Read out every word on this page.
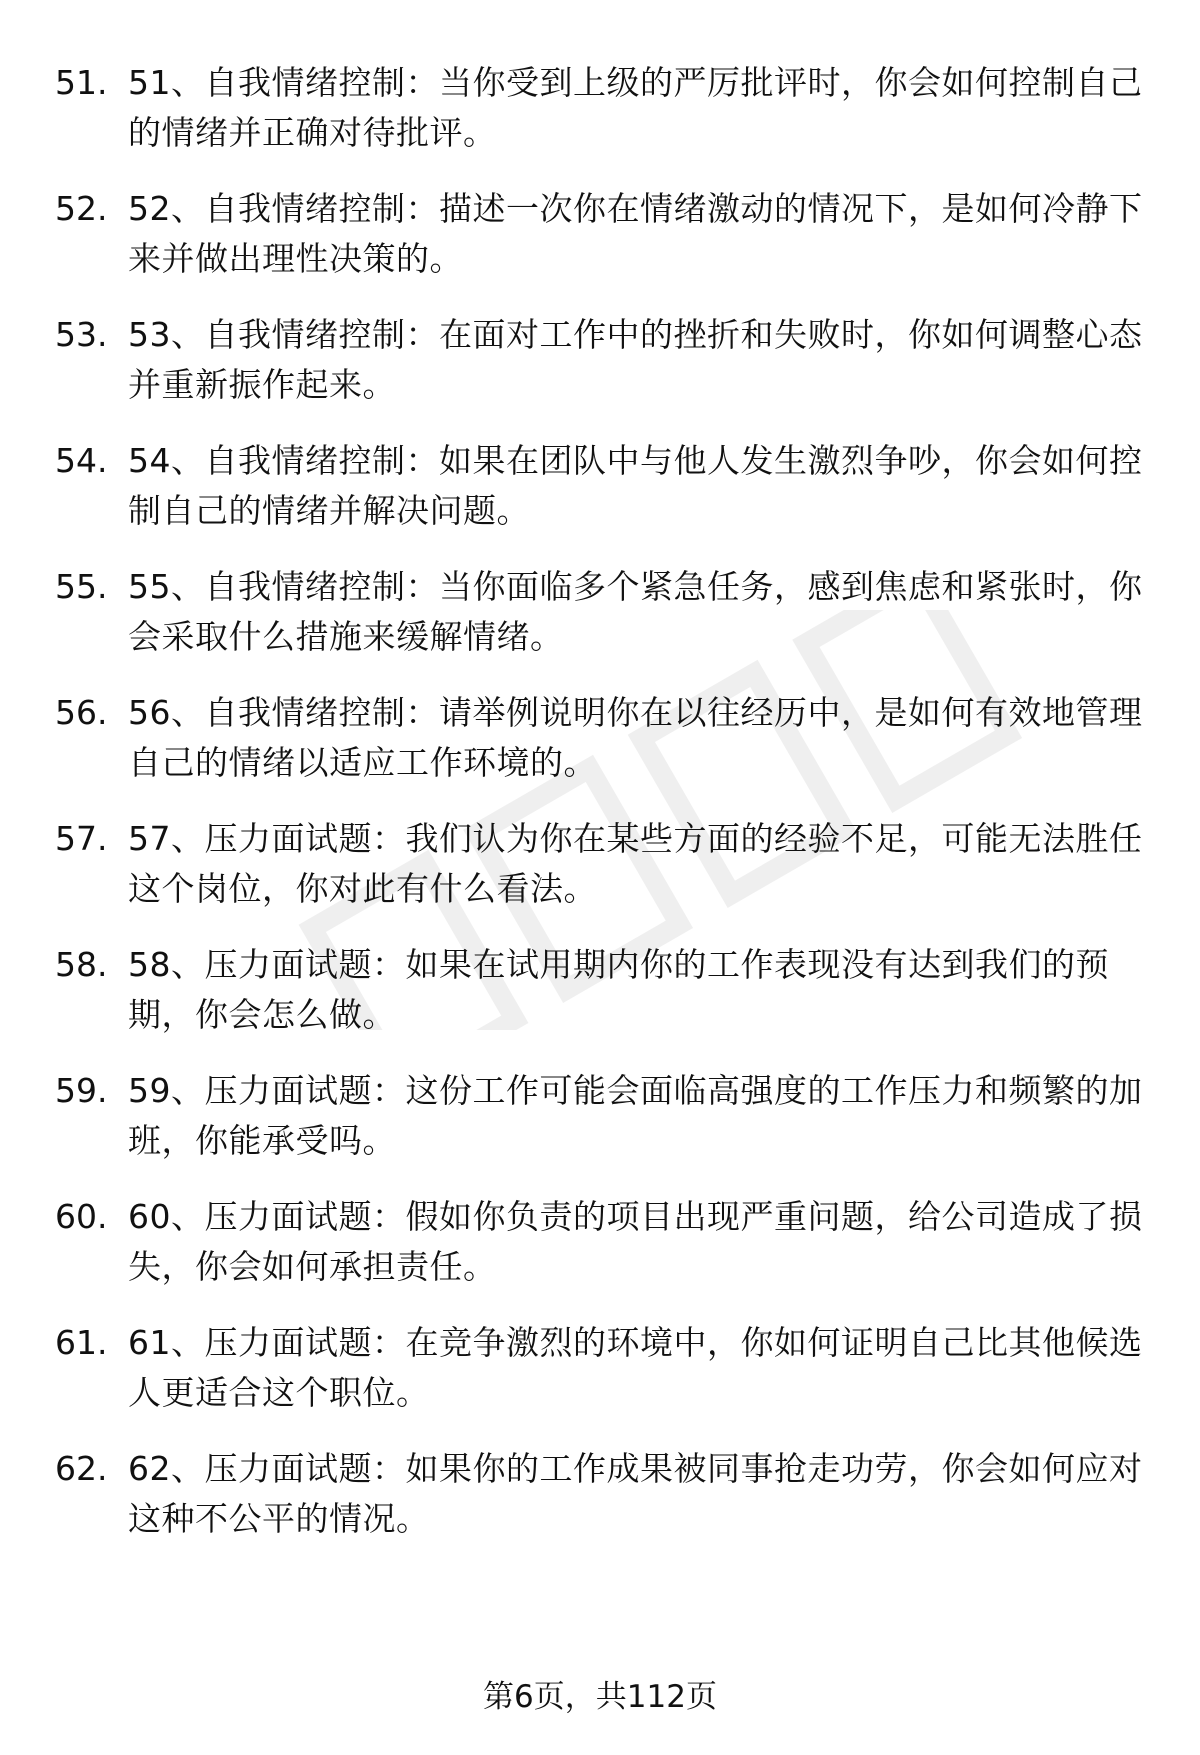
51. 51、自我情绪控制：当你受到上级的严厉批评时，你会如何控制自己的情绪并正确对待批评。
52. 52、自我情绪控制：描述一次你在情绪激动的情况下，是如何冷静下来并做出理性决策的。
53. 53、自我情绪控制：在面对工作中的挫折和失败时，你如何调整心态并重新振作起来。
54. 54、自我情绪控制：如果在团队中与他人发生激烈争吵，你会如何控制自己的情绪并解决问题。
55. 55、自我情绪控制：当你面临多个紧急任务，感到焦虑和紧张时，你会采取什么措施来缓解情绪。
56. 56、自我情绪控制：请举例说明你在以往经历中，是如何有效地管理自己的情绪以适应工作环境的。
57. 57、压力面试题：我们认为你在某些方面的经验不足，可能无法胜任这个岗位，你对此有什么看法。
58. 58、压力面试题：如果在试用期内你的工作表现没有达到我们的预期，你会怎么做。
59. 59、压力面试题：这份工作可能会面临高强度的工作压力和频繁的加班，你能承受吗。
60. 60、压力面试题：假如你负责的项目出现严重问题，给公司造成了损失，你会如何承担责任。
61. 61、压力面试题：在竞争激烈的环境中，你如何证明自己比其他候选人更适合这个职位。
62. 62、压力面试题：如果你的工作成果被同事抢走功劳，你会如何应对这种不公平的情况。
第6页，共112页
